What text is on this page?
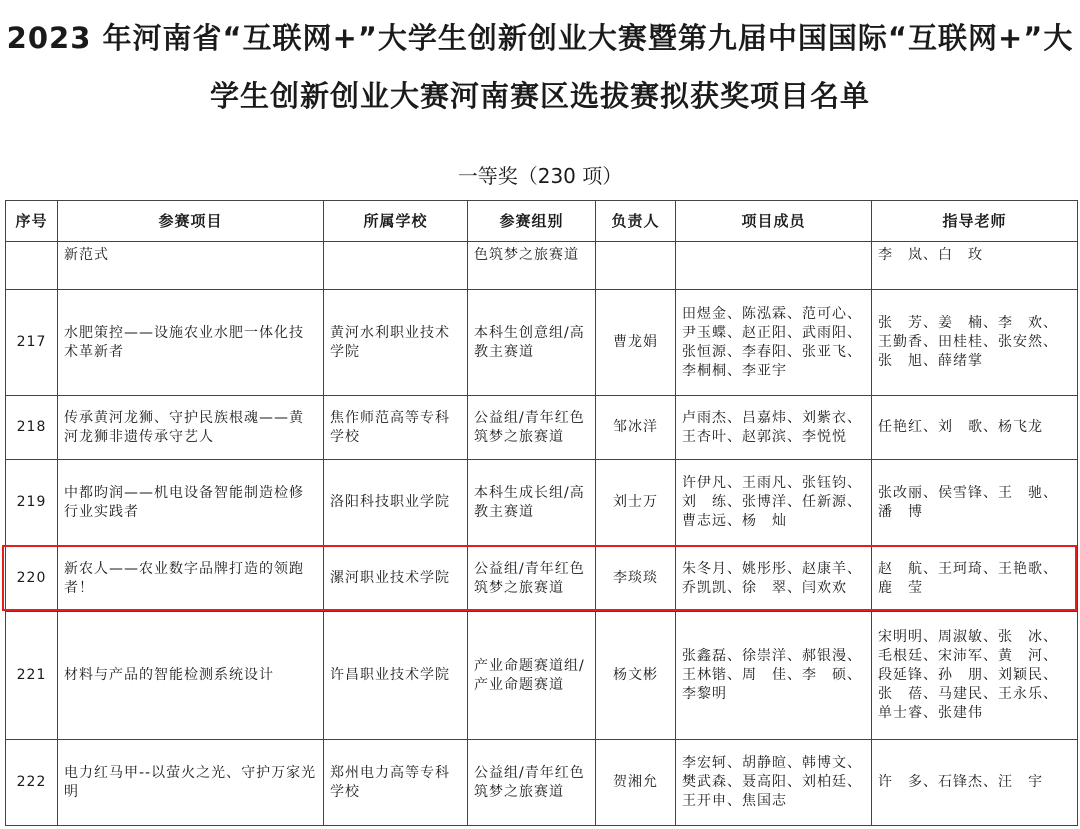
2023 年河南省“互联网+”大学生创新创业大赛暨第九届中国国际“互联网+”大
学生创新创业大赛河南赛区选拔赛拟获奖项目名单
一等奖（230 项）
序号	参赛项目	所属学校	参赛组别	负责人	项目成员	指导老师
	新范式		色筑梦之旅赛道			李　岚、白　玫
217	水肥策控——设施农业水肥一体化技术革新者	黄河水利职业技术学院	本科生创意组/高教主赛道	曹龙娟	田煜金、陈泓霖、范可心、尹玉蝶、赵正阳、武雨阳、张恒源、李春阳、张亚飞、李桐桐、李亚宇	张　芳、姜　楠、李　欢、王勤香、田桂桂、张安然、张　旭、薛绪掌
218	传承黄河龙狮、守护民族根魂——黄河龙狮非遗传承守艺人	焦作师范高等专科学校	公益组/青年红色筑梦之旅赛道	邹冰洋	卢雨杰、吕嘉炜、刘紫衣、王杏叶、赵郭滨、李悦悦	任艳红、刘　歌、杨飞龙
219	中都昀润——机电设备智能制造检修行业实践者	洛阳科技职业学院	本科生成长组/高教主赛道	刘士万	许伊凡、王雨凡、张钰钧、刘　练、张博洋、任新源、曹志远、杨　灿	张改丽、侯雪锋、王　驰、潘　博
220	新农人——农业数字品牌打造的领跑者！	漯河职业技术学院	公益组/青年红色筑梦之旅赛道	李琰琰	朱冬月、姚彤彤、赵康羊、乔凯凯、徐　翠、闫欢欢	赵　航、王珂琦、王艳歌、鹿　莹
221	材料与产品的智能检测系统设计	许昌职业技术学院	产业命题赛道组/产业命题赛道	杨文彬	张鑫磊、徐崇洋、郝银漫、王林锴、周　佳、李　硕、李黎明	宋明明、周淑敏、张　冰、毛根廷、宋沛军、黄　河、段延锋、孙　朋、刘颖民、张　蓓、马建民、王永乐、单士睿、张建伟
222	电力红马甲--以萤火之光、守护万家光明	郑州电力高等专科学校	公益组/青年红色筑梦之旅赛道	贺湘允	李宏轲、胡静暄、韩博文、樊武森、聂高阳、刘柏廷、王开申、焦国志	许　多、石锋杰、汪　宇
